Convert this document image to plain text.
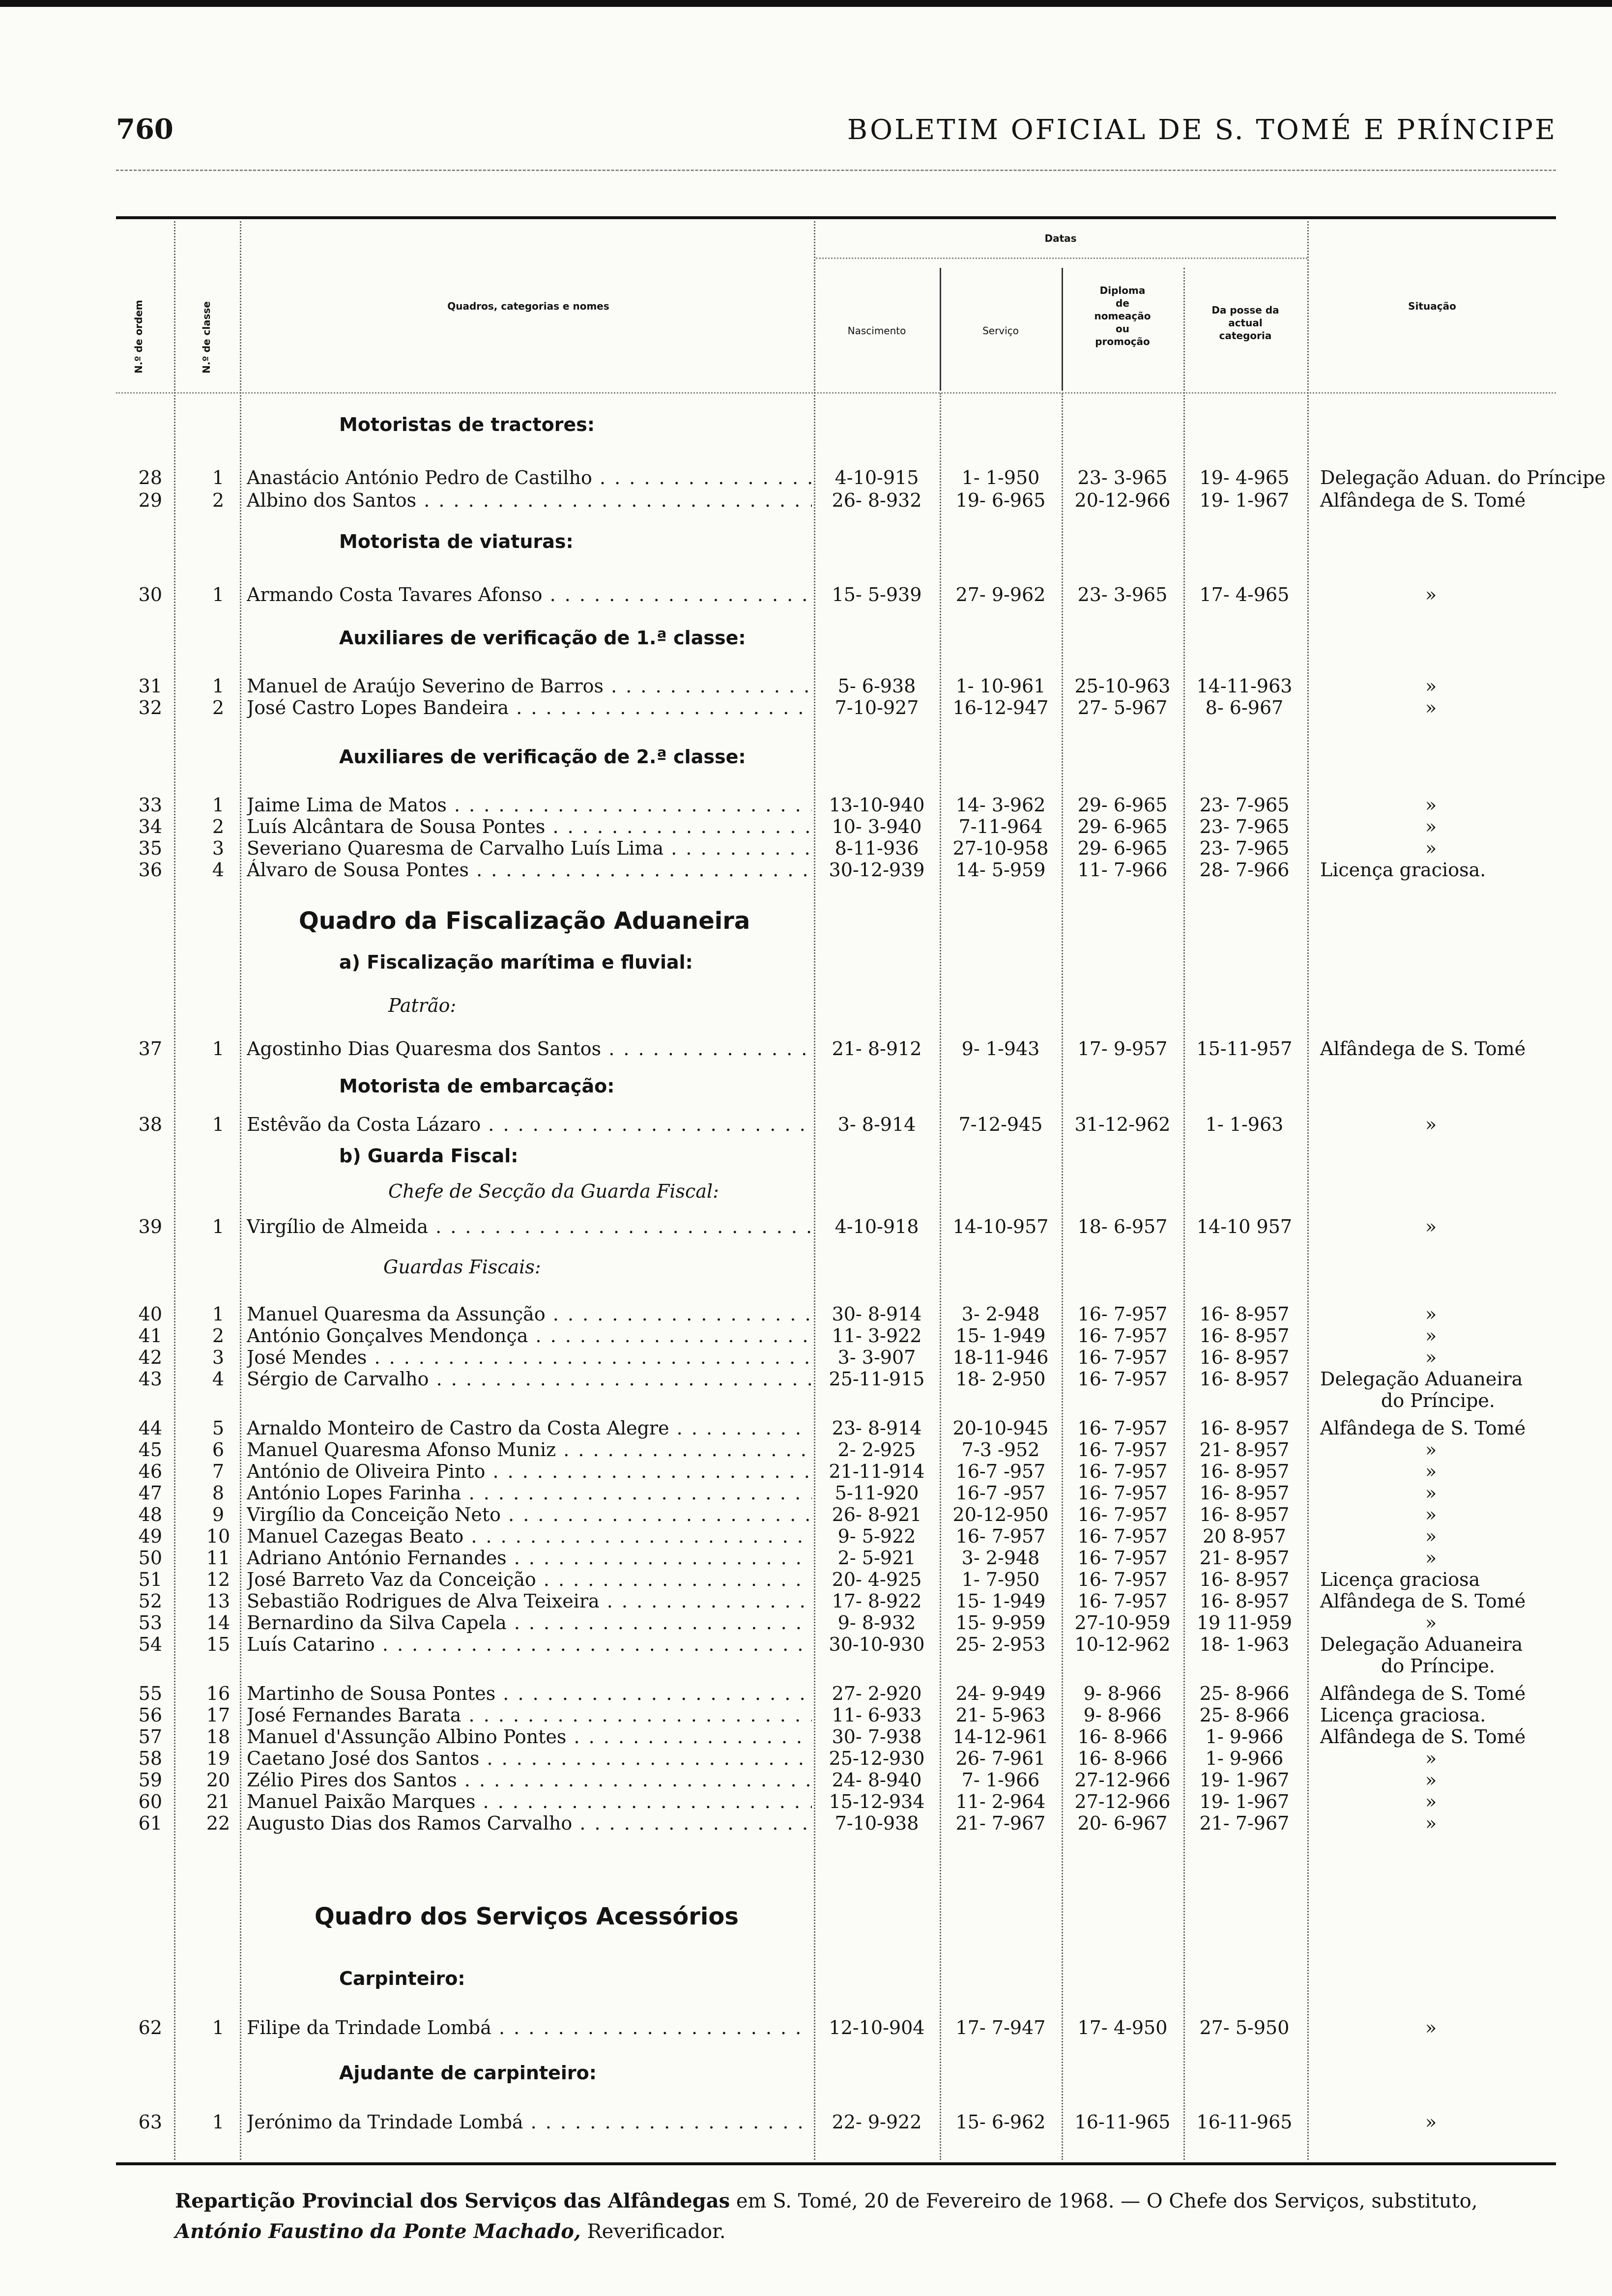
760	BOLETIM OFICIAL DE S. TOMÉ E PRÍNCIPE
N.º de ordem	N.º de classe	Quadros, categorias e nomes
Datas
Nascimento	Serviço
Diploma
de
nomeação
ou
promoção
Da posse da
actual
categoria
Situação
Motoristas de tractores:
Motorista de viaturas:
Auxiliares de verificação de 1.ª classe:
Auxiliares de verificação de 2.ª classe:
Quadro da Fiscalização Aduaneira
a) Fiscalização marítima e fluvial:
Patrão:
Motorista de embarcação:
b) Guarda Fiscal:
Chefe de Secção da Guarda Fiscal:
Guardas Fiscais:
Quadro dos Serviços Acessórios
Carpinteiro:
Ajudante de carpinteiro:
28	1	Anastácio António Pedro de Castilho . . .	4-10-915	1- 1-950	23- 3-965	19- 4-965	Delegação Aduan. do Príncipe
29	2	Albino dos Santos . . .	26- 8-932	19- 6-965	20-12-966	19- 1-967	Alfândega de S. Tomé
30	1	Armando Costa Tavares Afonso . . .	15- 5-939	27- 9-962	23- 3-965	17- 4-965	»
31	1	Manuel de Araújo Severino de Barros . . .	5- 6-938	1- 10-961	25-10-963	14-11-963	»
32	2	José Castro Lopes Bandeira . . .	7-10-927	16-12-947	27- 5-967	8- 6-967	»
33	1	Jaime Lima de Matos . . .	13-10-940	14- 3-962	29- 6-965	23- 7-965	»
34	2	Luís Alcântara de Sousa Pontes . . .	10- 3-940	7-11-964	29- 6-965	23- 7-965	»
35	3	Severiano Quaresma de Carvalho Luís Lima . . .	8-11-936	27-10-958	29- 6-965	23- 7-965	»
36	4	Álvaro de Sousa Pontes . . .	30-12-939	14- 5-959	11- 7-966	28- 7-966	Licença graciosa.
37	1	Agostinho Dias Quaresma dos Santos . . .	21- 8-912	9- 1-943	17- 9-957	15-11-957	Alfândega de S. Tomé
38	1	Estêvão da Costa Lázaro . . .	3- 8-914	7-12-945	31-12-962	1- 1-963	»
39	1	Virgílio de Almeida . . .	4-10-918	14-10-957	18- 6-957	14-10 957	»
40	1	Manuel Quaresma da Assunção . . .	30- 8-914	3- 2-948	16- 7-957	16- 8-957	»
41	2	António Gonçalves Mendonça . . .	11- 3-922	15- 1-949	16- 7-957	16- 8-957	»
42	3	José Mendes . . .	3- 3-907	18-11-946	16- 7-957	16- 8-957	»
43	4	Sérgio de Carvalho . . .	25-11-915	18- 2-950	16- 7-957	16- 8-957	Delegação Aduaneira
do Príncipe.
44	5	Arnaldo Monteiro de Castro da Costa Alegre . . .	23- 8-914	20-10-945	16- 7-957	16- 8-957	Alfândega de S. Tomé
45	6	Manuel Quaresma Afonso Muniz . . .	2- 2-925	7-3 -952	16- 7-957	21- 8-957	»
46	7	António de Oliveira Pinto . . .	21-11-914	16-7 -957	16- 7-957	16- 8-957	»
47	8	António Lopes Farinha . . .	5-11-920	16-7 -957	16- 7-957	16- 8-957	»
48	9	Virgílio da Conceição Neto . . .	26- 8-921	20-12-950	16- 7-957	16- 8-957	»
49	10 Manuel Cazegas Beato . . .	9- 5-922	16- 7-957	16- 7-957	20 8-957	»
50	11 Adriano António Fernandes . . .	2- 5-921	3- 2-948	16- 7-957	21- 8-957	»
51	12 José Barreto Vaz da Conceição . . .	20- 4-925	1- 7-950	16- 7-957	16- 8-957	Licença graciosa
52	13 Sebastião Rodrigues de Alva Teixeira . . .	17- 8-922	15- 1-949	16- 7-957	16- 8-957	Alfândega de S. Tomé
53	14 Bernardino da Silva Capela . . .	9- 8-932	15- 9-959	27-10-959	19 11-959	»
54	15 Luís Catarino . . .	30-10-930	25- 2-953	10-12-962	18- 1-963	Delegação Aduaneira
do Príncipe.
55	16 Martinho de Sousa Pontes . . .	27- 2-920	24- 9-949	9- 8-966	25- 8-966	Alfândega de S. Tomé
56	17 José Fernandes Barata . . .	11- 6-933	21- 5-963	9- 8-966	25- 8-966	Licença graciosa.
57	18 Manuel d'Assunção Albino Pontes . . .	30- 7-938	14-12-961	16- 8-966	1- 9-966	Alfândega de S. Tomé
58	19 Caetano José dos Santos . . .	25-12-930	26- 7-961	16- 8-966	1- 9-966	»
59	20 Zélio Pires dos Santos . . .	24- 8-940	7- 1-966	27-12-966	19- 1-967	»
60	21 Manuel Paixão Marques . . .	15-12-934	11- 2-964	27-12-966	19- 1-967	»
61	22 Augusto Dias dos Ramos Carvalho . . .	7-10-938	21- 7-967	20- 6-967	21- 7-967	»
62	1	Filipe da Trindade Lombá . . .	12-10-904	17- 7-947	17- 4-950	27- 5-950	»
63	1	Jerónimo da Trindade Lombá . . .	22- 9-922	15- 6-962	16-11-965	16-11-965	»
Repartição Provincial dos Serviços das Alfândegas em S. Tomé, 20 de Fevereiro de 1968. — O Chefe dos Serviços, substituto,
António Faustino da Ponte Machado, Reverificador.
